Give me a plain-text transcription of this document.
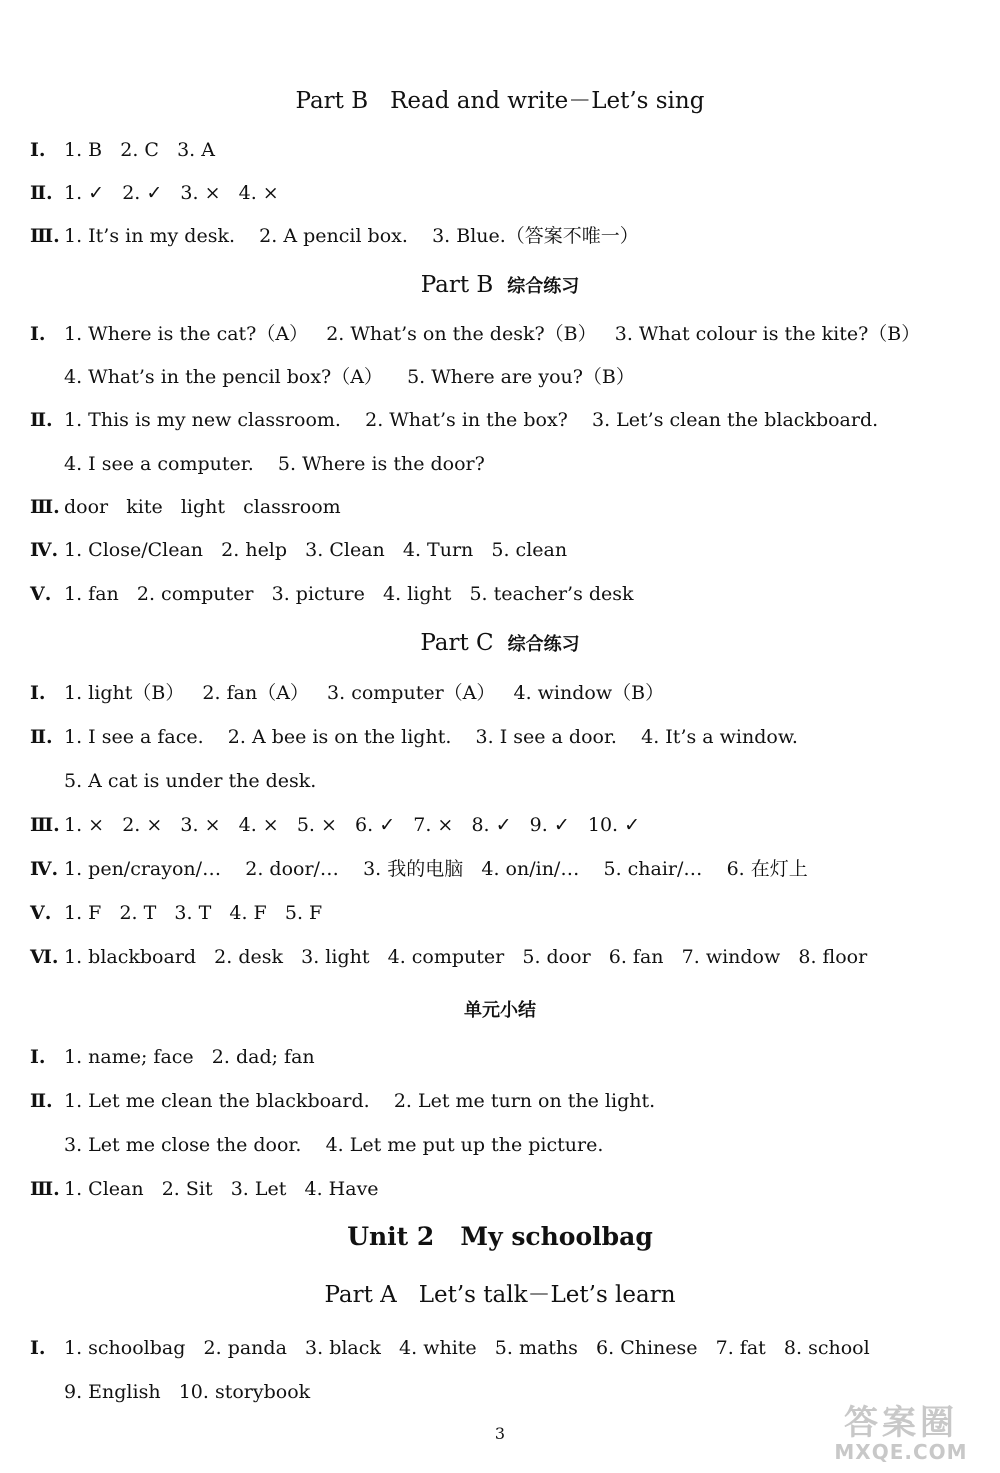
Part B   Read and write－Let’s sing
Ⅰ. 1. B   2. C   3. A
Ⅱ. 1. ✓   2. ✓   3. ×   4. ×
Ⅲ. 1. It’s in my desk.    2. A pencil box.    3. Blue.（答案不唯一）
Part B 综合练习
Ⅰ. 1. Where is the cat?（A）   2. What’s on the desk?（B）   3. What colour is the kite?（B）
4. What’s in the pencil box?（A）    5. Where are you?（B）
Ⅱ. 1. This is my new classroom.    2. What’s in the box?    3. Let’s clean the blackboard.
4. I see a computer.    5. Where is the door?
Ⅲ. door   kite   light   classroom
Ⅳ. 1. Close/Clean   2. help   3. Clean   4. Turn   5. clean
Ⅴ. 1. fan   2. computer   3. picture   4. light   5. teacher’s desk
Part C 综合练习
Ⅰ. 1. light（B）   2. fan（A）   3. computer（A）   4. window（B）
Ⅱ. 1. I see a face.    2. A bee is on the light.    3. I see a door.    4. It’s a window.
5. A cat is under the desk.
Ⅲ. 1. ×   2. ×   3. ×   4. ×   5. ×   6. ✓   7. ×   8. ✓   9. ✓   10. ✓
Ⅳ. 1. pen/crayon/…    2. door/…    3. 我的电脑   4. on/in/…    5. chair/…    6. 在灯上
Ⅴ. 1. F   2. T   3. T   4. F   5. F
Ⅵ. 1. blackboard   2. desk   3. light   4. computer   5. door   6. fan   7. window   8. floor
单元小结
Ⅰ. 1. name; face   2. dad; fan
Ⅱ. 1. Let me clean the blackboard.    2. Let me turn on the light.
3. Let me close the door.    4. Let me put up the picture.
Ⅲ. 1. Clean   2. Sit   3. Let   4. Have
Unit 2   My schoolbag
Part A   Let’s talk－Let’s learn
Ⅰ. 1. schoolbag   2. panda   3. black   4. white   5. maths   6. Chinese   7. fat   8. school
9. English   10. storybook
3	答案圈
MXQE.COM
